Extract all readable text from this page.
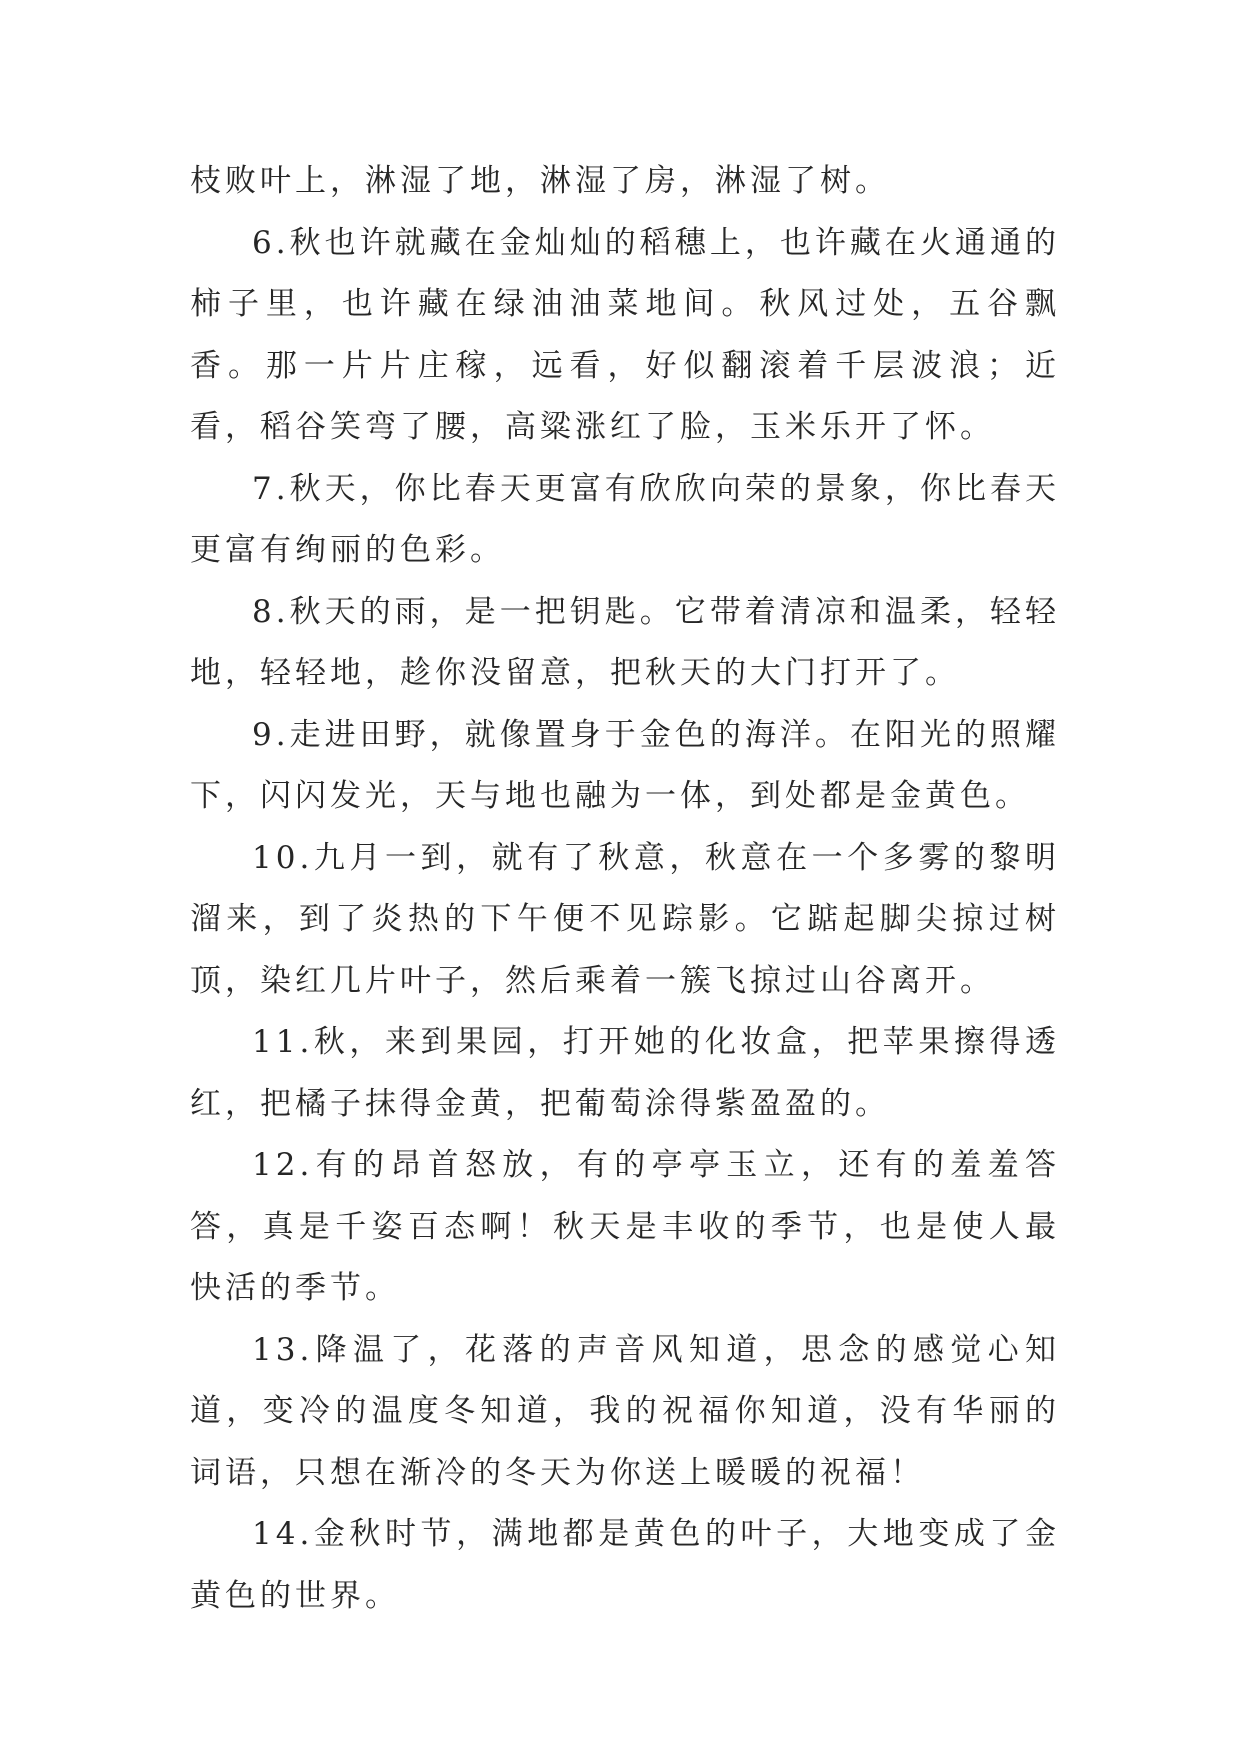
枝败叶上，淋湿了地，淋湿了房，淋湿了树。

6.秋也许就藏在金灿灿的稻穗上，也许藏在火通通的柿子里，也许藏在绿油油菜地间。秋风过处，五谷飘香。那一片片庄稼，远看，好似翻滚着千层波浪；近看，稻谷笑弯了腰，高粱涨红了脸，玉米乐开了怀。

7.秋天，你比春天更富有欣欣向荣的景象，你比春天更富有绚丽的色彩。

8.秋天的雨，是一把钥匙。它带着清凉和温柔，轻轻地，轻轻地，趁你没留意，把秋天的大门打开了。

9.走进田野，就像置身于金色的海洋。在阳光的照耀下，闪闪发光，天与地也融为一体，到处都是金黄色。

10.九月一到，就有了秋意，秋意在一个多雾的黎明溜来，到了炎热的下午便不见踪影。它踮起脚尖掠过树顶，染红几片叶子，然后乘着一簇飞掠过山谷离开。

11.秋，来到果园，打开她的化妆盒，把苹果擦得透红，把橘子抹得金黄，把葡萄涂得紫盈盈的。

12.有的昂首怒放，有的亭亭玉立，还有的羞羞答答，真是千姿百态啊！秋天是丰收的季节，也是使人最快活的季节。

13.降温了，花落的声音风知道，思念的感觉心知道，变冷的温度冬知道，我的祝福你知道，没有华丽的词语，只想在渐冷的冬天为你送上暖暖的祝福！

14.金秋时节，满地都是黄色的叶子，大地变成了金黄色的世界。
